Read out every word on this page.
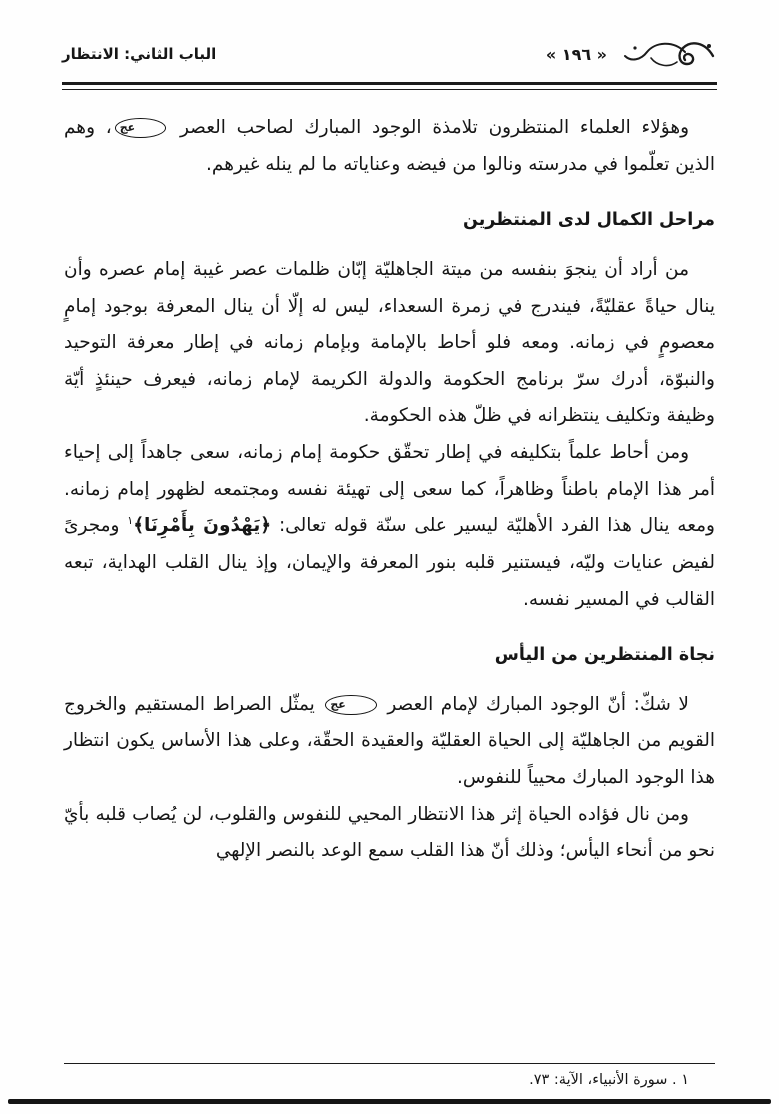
« ١٩٦ »
الباب الثاني: الانتظار

وهؤلاء العلماء المنتظرون تلامذة الوجود المبارك لصاحب العصر عج، وهم الذين تعلّموا في مدرسته ونالوا من فيضه وعناياته ما لم ينله غيرهم.

مراحل الكمال لدى المنتظرين

من أراد أن ينجوَ بنفسه من ميتة الجاهليّة إبّان ظلمات عصر غيبة إمام عصره وأن ينال حياةً عقليّةً، فيندرج في زمرة السعداء، ليس له إلّا أن ينال المعرفة بوجود إمامٍ معصومٍ في زمانه. ومعه فلو أحاط بالإمامة وبإمام زمانه في إطار معرفة التوحيد والنبوّة، أدرك سرّ برنامج الحكومة والدولة الكريمة لإمام زمانه، فيعرف حينئذٍ أيّة وظيفة وتكليف ينتظرانه في ظلّ هذه الحكومة.

ومن أحاط علماً بتكليفه في إطار تحقّق حكومة إمام زمانه، سعى جاهداً إلى إحياء أمر هذا الإمام باطناً وظاهراً، كما سعى إلى تهيئة نفسه ومجتمعه لظهور إمام زمانه. ومعه ينال هذا الفرد الأهليّة ليسير على سنّة قوله تعالى: ﴿يَهْدُونَ بِأَمْرِنَا﴾$^١$ ومجرىً لفيض عنايات وليّه، فيستنير قلبه بنور المعرفة والإيمان، وإذ ينال القلب الهداية، تبعه القالب في المسير نفسه.

نجاة المنتظرين من اليأس

لا شكّ: أنّ الوجود المبارك لإمام العصر عج يمثّل الصراط المستقيم والخروج القويم من الجاهليّة إلى الحياة العقليّة والعقيدة الحقّة، وعلى هذا الأساس يكون انتظار هذا الوجود المبارك محيياً للنفوس.

ومن نال فؤاده الحياة إثر هذا الانتظار المحيي للنفوس والقلوب، لن يُصاب قلبه بأيّ نحو من أنحاء اليأس؛ وذلك أنّ هذا القلب سمع الوعد بالنصر الإلهي

١ . سورة الأنبياء، الآية: ٧٣.
